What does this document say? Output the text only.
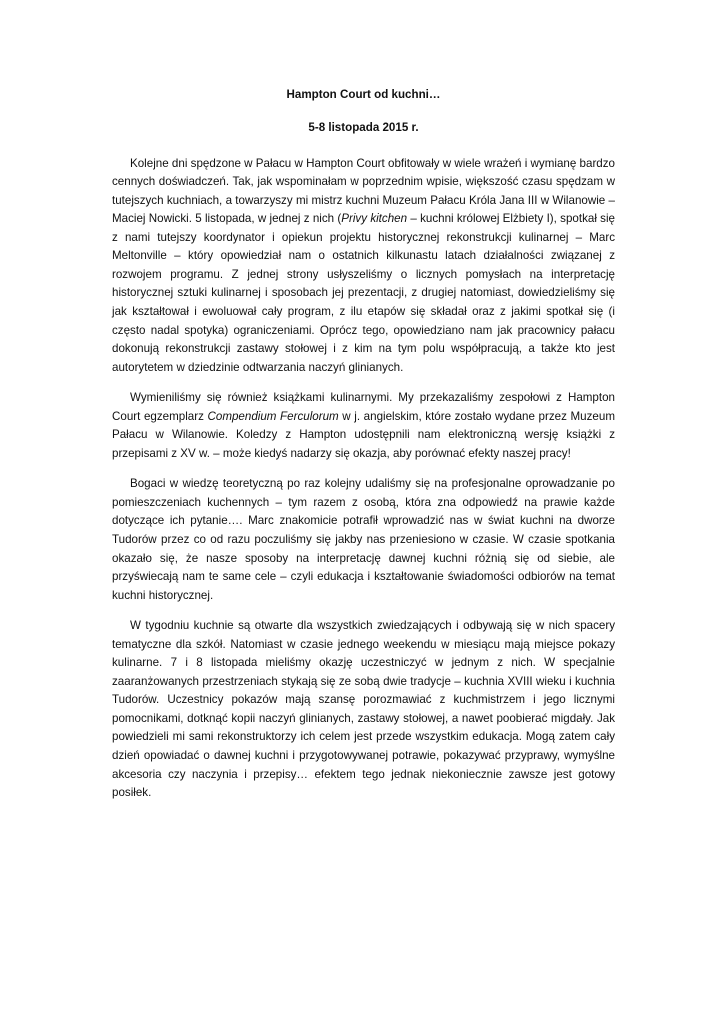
Hampton Court od kuchni…

5-8 listopada 2015 r.

Kolejne dni spędzone w Pałacu w Hampton Court obfitowały w wiele wrażeń i wymianę bardzo cennych doświadczeń. Tak, jak wspominałam w poprzednim wpisie, większość czasu spędzam w tutejszych kuchniach, a towarzyszy mi mistrz kuchni Muzeum Pałacu Króla Jana III w Wilanowie – Maciej Nowicki. 5 listopada, w jednej z nich (Privy kitchen – kuchni królowej Elżbiety I), spotkał się z nami tutejszy koordynator i opiekun projektu historycznej rekonstrukcji kulinarnej – Marc Meltonville – który opowiedział nam o ostatnich kilkunastu latach działalności związanej z rozwojem programu. Z jednej strony usłyszeliśmy o licznych pomysłach na interpretację historycznej sztuki kulinarnej i sposobach jej prezentacji, z drugiej natomiast, dowiedzieliśmy się jak kształtował i ewoluował cały program, z ilu etapów się składał oraz z jakimi spotkał się (i często nadal spotyka) ograniczeniami. Oprócz tego, opowiedziano nam jak pracownicy pałacu dokonują rekonstrukcji zastawy stołowej i z kim na tym polu współpracują, a także kto jest autorytetem w dziedzinie odtwarzania naczyń glinianych.

Wymieniliśmy się również książkami kulinarnymi. My przekazaliśmy zespołowi z Hampton Court egzemplarz Compendium Ferculorum w j. angielskim, które zostało wydane przez Muzeum Pałacu w Wilanowie. Koledzy z Hampton udostępnili nam elektroniczną wersję książki z przepisami z XV w. – może kiedyś nadarzy się okazja, aby porównać efekty naszej pracy!

Bogaci w wiedzę teoretyczną po raz kolejny udaliśmy się na profesjonalne oprowadzanie po pomieszczeniach kuchennych – tym razem z osobą, która zna odpowiedź na prawie każde dotyczące ich pytanie…. Marc znakomicie potrafił wprowadzić nas w świat kuchni na dworze Tudorów przez co od razu poczuliśmy się jakby nas przeniesiono w czasie. W czasie spotkania okazało się, że nasze sposoby na interpretację dawnej kuchni różnią się od siebie, ale przyświecają nam te same cele – czyli edukacja i kształtowanie świadomości odbiorów na temat kuchni historycznej.

W tygodniu kuchnie są otwarte dla wszystkich zwiedzających i odbywają się w nich spacery tematyczne dla szkół. Natomiast w czasie jednego weekendu w miesiącu mają miejsce pokazy kulinarne. 7 i 8 listopada mieliśmy okazję uczestniczyć w jednym z nich. W specjalnie zaaranżowanych przestrzeniach stykają się ze sobą dwie tradycje – kuchnia XVIII wieku i kuchnia Tudorów. Uczestnicy pokazów mają szansę porozmawiać z kuchmistrzem i jego licznymi pomocnikami, dotknąć kopii naczyń glinianych, zastawy stołowej, a nawet poobierać migdały. Jak powiedzieli mi sami rekonstruktorzy ich celem jest przede wszystkim edukacja. Mogą zatem cały dzień opowiadać o dawnej kuchni i przygotowywanej potrawie, pokazywać przyprawy, wymyślne akcesoria czy naczynia i przepisy… efektem tego jednak niekoniecznie zawsze jest gotowy posiłek.
